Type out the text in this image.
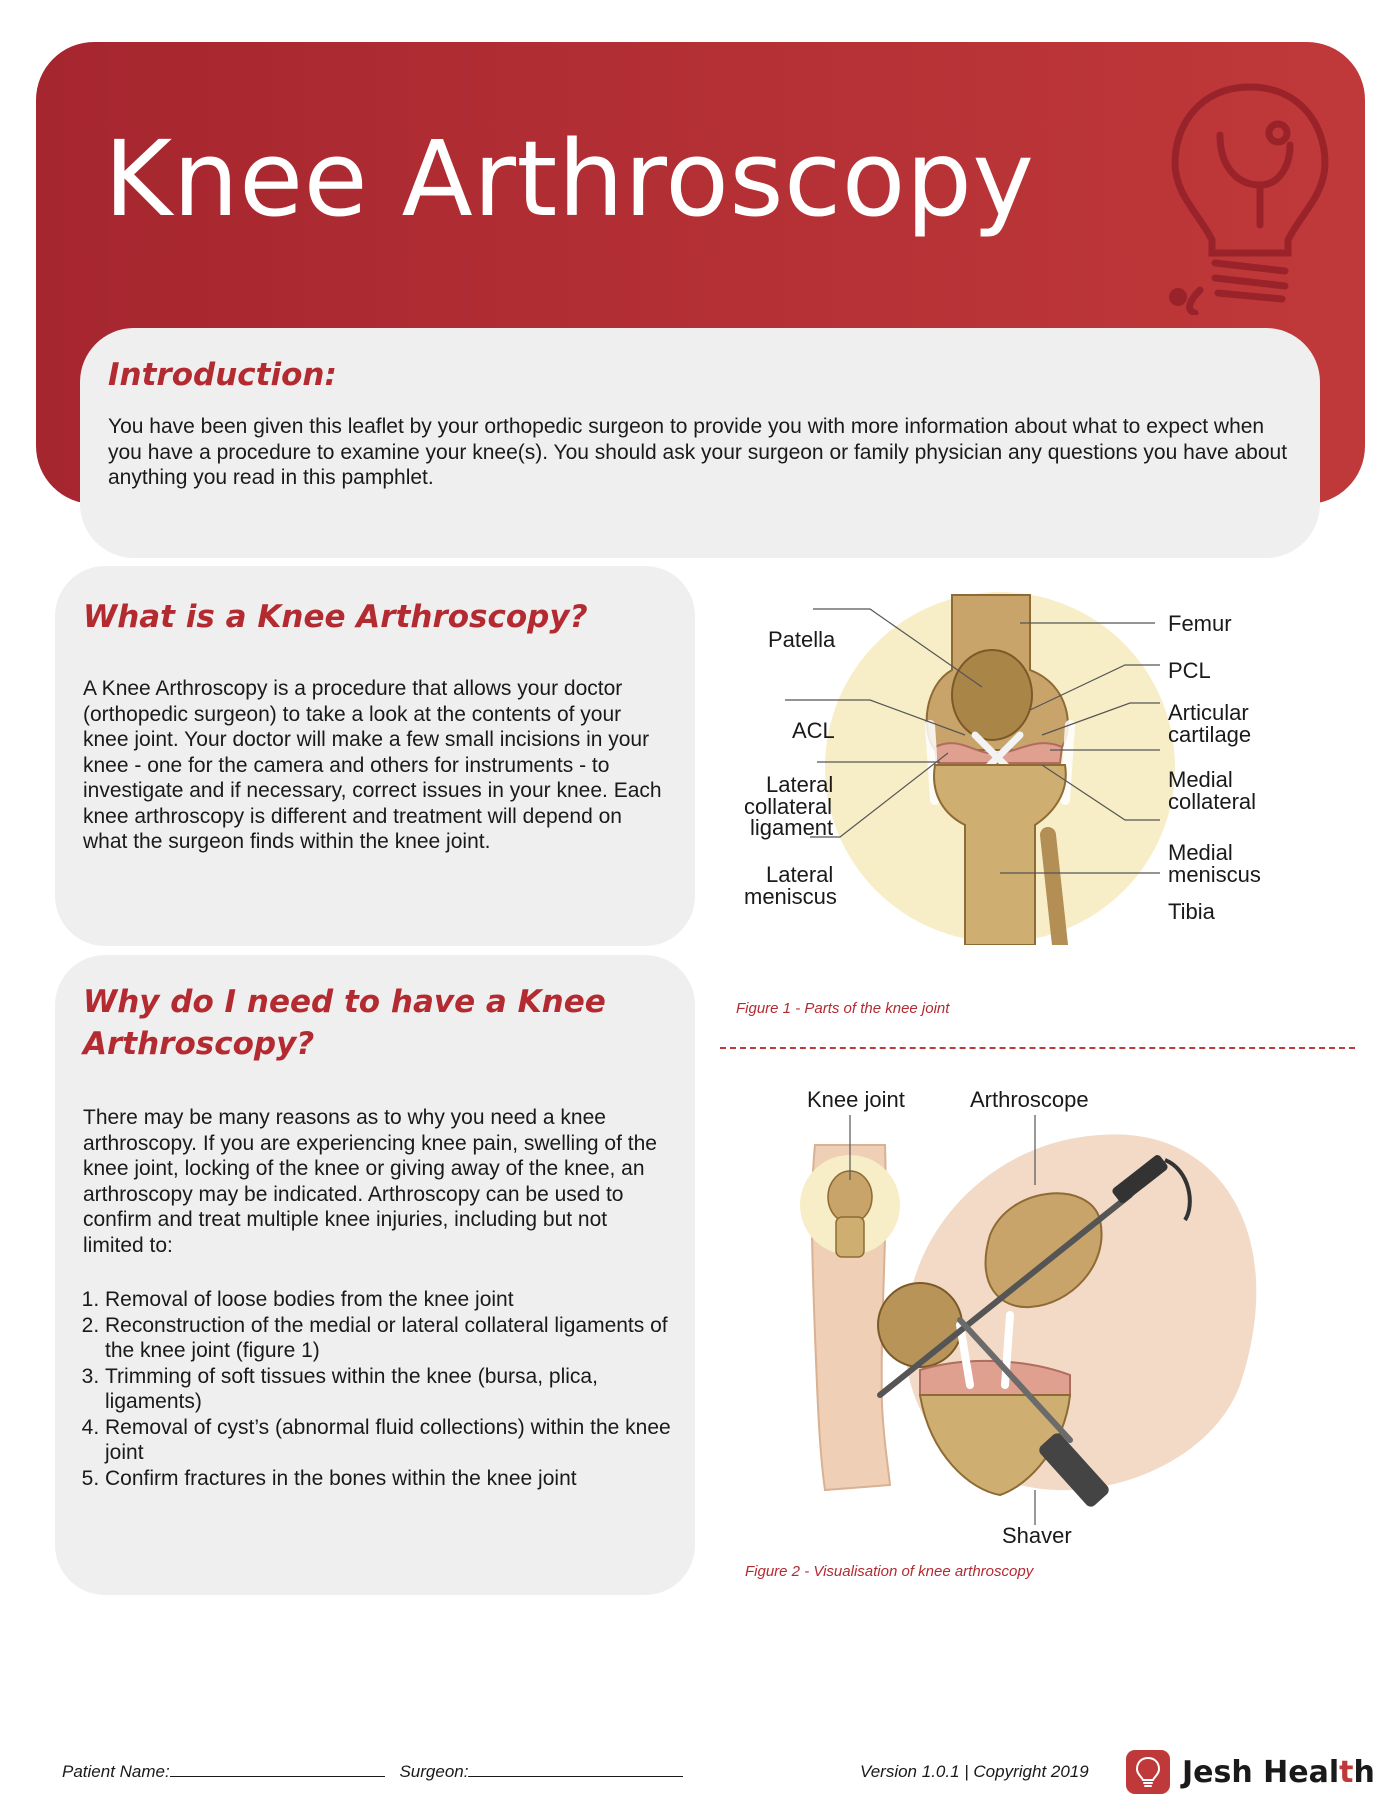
Knee Arthroscopy
Introduction:

You have been given this leaflet by your orthopedic surgeon to provide you with more information about what to expect when you have a procedure to examine your knee(s). You should ask your surgeon or family physician any questions you have about anything you read in this pamphlet.

What is a Knee Arthroscopy?

A Knee Arthroscopy is a procedure that allows your doctor (orthopedic surgeon) to take a look at the contents of your knee joint. Your doctor will make a few small incisions in your knee - one for the camera and others for instruments - to investigate and if necessary, correct issues in your knee. Each knee arthroscopy is different and treatment will depend on what the surgeon finds within the knee joint.

Why do I need to have a Knee Arthroscopy?

There may be many reasons as to why you need a knee arthroscopy. If you are experiencing knee pain, swelling of the knee joint, locking of the knee or giving away of the knee, an arthroscopy may be indicated. Arthroscopy can be used to confirm and treat multiple knee injuries, including but not limited to:

1. Removal of loose bodies from the knee joint
2. Reconstruction of the medial or lateral collateral ligaments of the knee joint (figure 1)
3. Trimming of soft tissues within the knee (bursa, plica, ligaments)
4. Removal of cyst’s (abnormal fluid collections) within the knee joint
5. Confirm fractures in the bones within the knee joint
Patella
ACL
Lateral
collateral
ligament
Lateral
meniscus
Femur
PCL
Articular
cartilage
Medial
collateral
Medial
meniscus
Tibia

Figure 1 - Parts of the knee joint

Knee joint	Arthroscope
Shaver

Figure 2 - Visualisation of knee arthroscopy

Patient Name:	Surgeon:	Version 1.0.1 | Copyright 2019	Jesh Health
